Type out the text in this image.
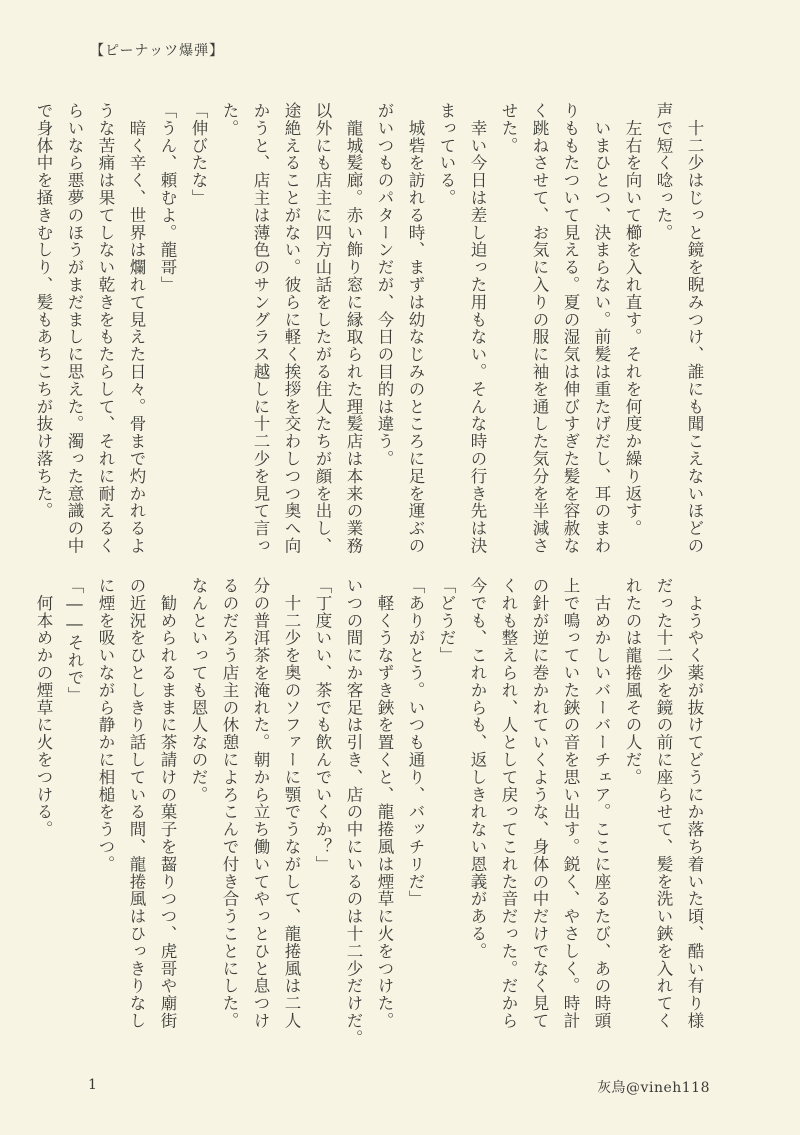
【ピーナッツ爆弾】

　十二少はじっと鏡を睨みつけ、誰にも聞こえないほどの

声で短く唸った。

　左右を向いて櫛を入れ直す。それを何度か繰り返す。

　いまひとつ、決まらない。前髪は重たげだし、耳のまわ

りももたついて見える。夏の湿気は伸びすぎた髪を容赦な

く跳ねさせて、お気に入りの服に袖を通した気分を半減さ

せた。

　幸い今日は差し迫った用もない。そんな時の行き先は決

まっている。

　城砦を訪れる時、まずは幼なじみのところに足を運ぶの

がいつものパターンだが、今日の目的は違う。

　龍城髪廊。赤い飾り窓に縁取られた理髪店は本来の業務

以外にも店主に四方山話をしたがる住人たちが顔を出し、

途絶えることがない。彼らに軽く挨拶を交わしつつ奥へ向

かうと、店主は薄色のサングラス越しに十二少を見て言っ

た。

「伸びたな」

「うん、頼むよ。龍哥」

　暗く辛く、世界は爛れて見えた日々。骨まで灼かれるよ

うな苦痛は果てしない乾きをもたらして、それに耐えるく

らいなら悪夢のほうがまだましに思えた。濁った意識の中

で身体中を掻きむしり、髪もあちこちが抜け落ちた。

　ようやく薬が抜けてどうにか落ち着いた頃、酷い有り様

だった十二少を鏡の前に座らせて、髪を洗い鋏を入れてく

れたのは龍捲風その人だ。

　古めかしいバーバーチェア。ここに座るたび、あの時頭

上で鳴っていた鋏の音を思い出す。鋭く、やさしく。時計

の針が逆に巻かれていくような、身体の中だけでなく見て

くれも整えられ、人として戻ってこれた音だった。だから

今でも、これからも、返しきれない恩義がある。

「どうだ」

「ありがとう。いつも通り、バッチリだ」

　軽くうなずき鋏を置くと、龍捲風は煙草に火をつけた。

いつの間にか客足は引き、店の中にいるのは十二少だけだ。

「丁度いい、茶でも飲んでいくか？」

　十二少を奥のソファーに顎でうながして、龍捲風は二人

分の普洱茶を淹れた。朝から立ち働いてやっとひと息つけ

るのだろう店主の休憩によろこんで付き合うことにした。

なんといっても恩人なのだ。

　勧められるままに茶請けの菓子を齧りつつ、虎哥や廟街

の近況をひとしきり話している間、龍捲風はひっきりなし

に煙を吸いながら静かに相槌をうつ。

「――それで」

　何本めかの煙草に火をつける。

1	灰鳥@vineh118
